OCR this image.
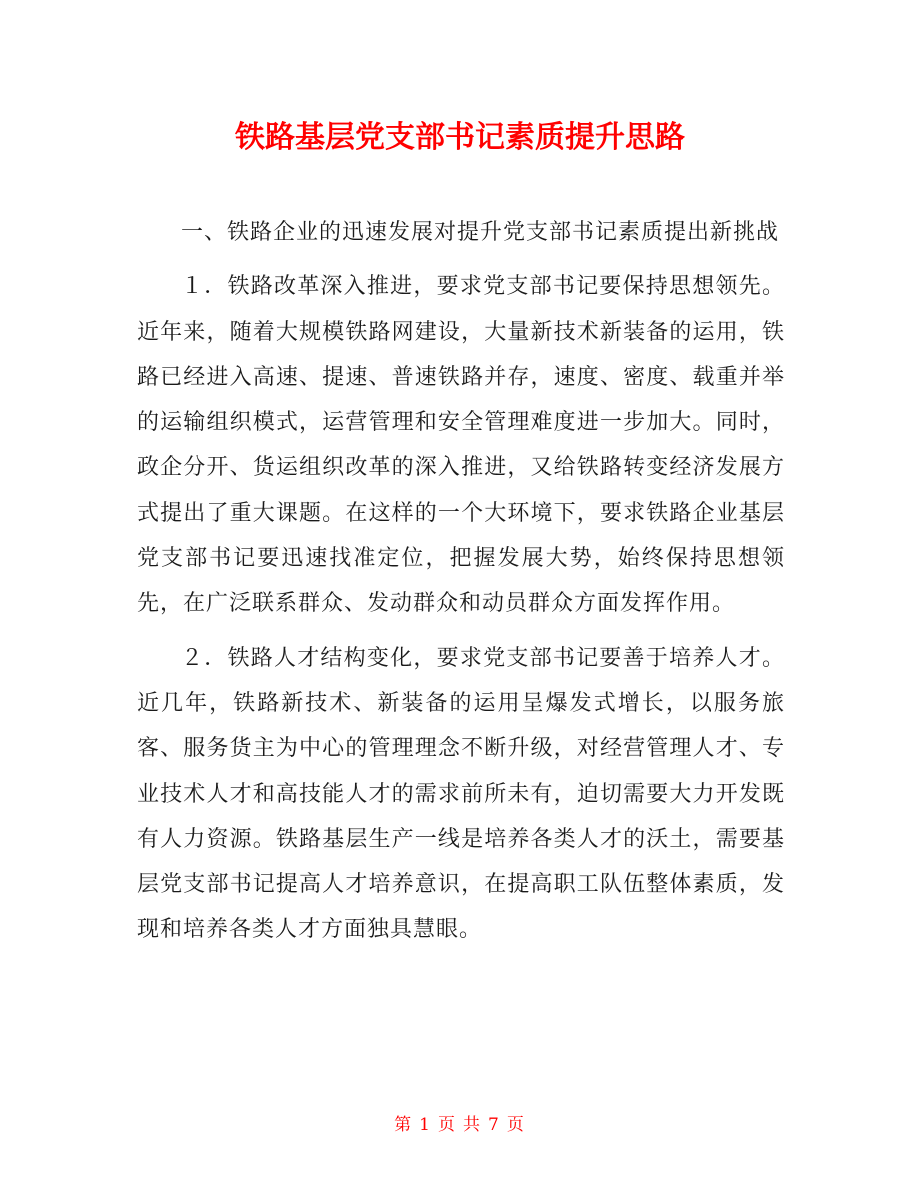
铁路基层党支部书记素质提升思路

一、铁路企业的迅速发展对提升党支部书记素质提出新挑战

１．铁路改革深入推进，要求党支部书记要保持思想领先。近年来，随着大规模铁路网建设，大量新技术新装备的运用，铁路已经进入高速、提速、普速铁路并存，速度、密度、载重并举的运输组织模式，运营管理和安全管理难度进一步加大。同时，政企分开、货运组织改革的深入推进，又给铁路转变经济发展方式提出了重大课题。在这样的一个大环境下，要求铁路企业基层党支部书记要迅速找准定位，把握发展大势，始终保持思想领先，在广泛联系群众、发动群众和动员群众方面发挥作用。

２．铁路人才结构变化，要求党支部书记要善于培养人才。近几年，铁路新技术、新装备的运用呈爆发式增长，以服务旅客、服务货主为中心的管理理念不断升级，对经营管理人才、专业技术人才和高技能人才的需求前所未有，迫切需要大力开发既有人力资源。铁路基层生产一线是培养各类人才的沃土，需要基层党支部书记提高人才培养意识，在提高职工队伍整体素质，发现和培养各类人才方面独具慧眼。

第 1 页 共 7 页
